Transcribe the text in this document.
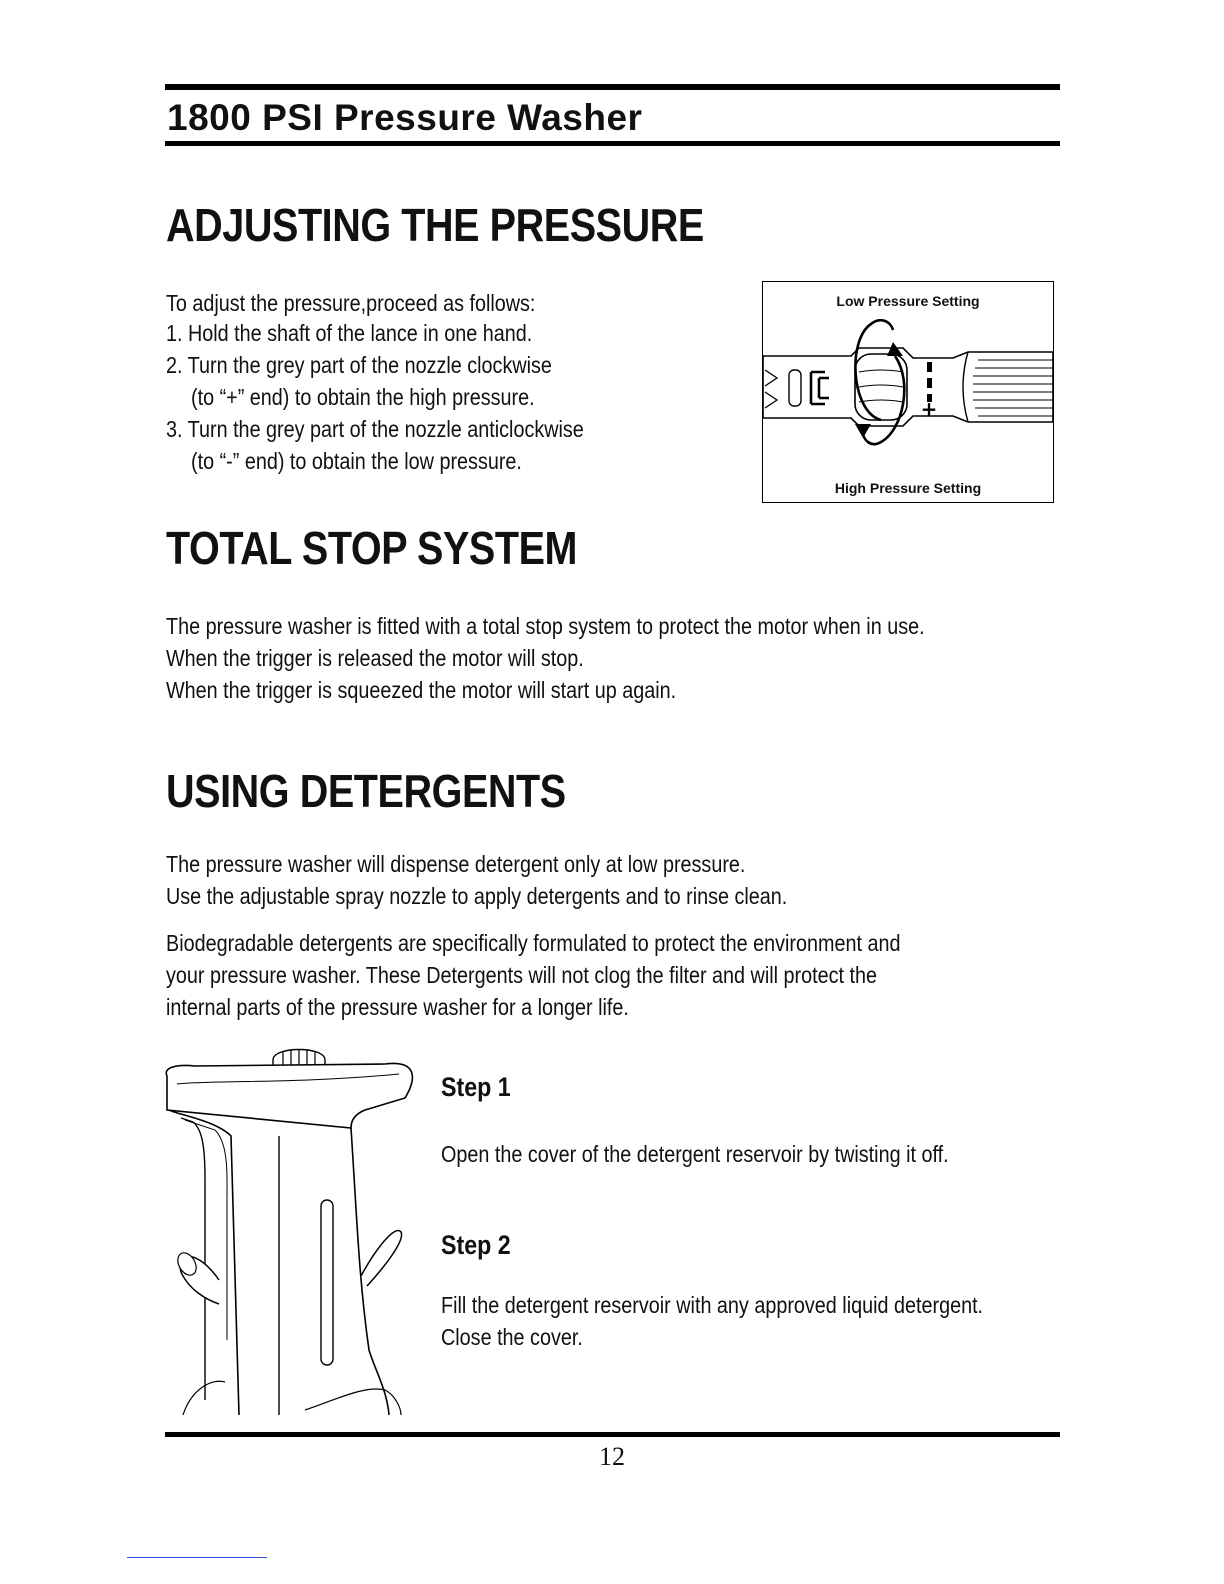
1800 PSI Pressure Washer
ADJUSTING THE PRESSURE

To adjust the pressure,proceed as follows:

1. Hold the shaft of the lance in one hand.

2. Turn the grey part of the nozzle clockwise

(to “+” end) to obtain the high pressure.

3. Turn the grey part of the nozzle anticlockwise

(to “-” end) to obtain the low pressure.

Low Pressure Setting
+
High Pressure Setting
TOTAL STOP SYSTEM

The pressure washer is fitted with a total stop system to protect the motor when in use.

When the trigger is released the motor will stop.

When the trigger is squeezed the motor will start up again.

USING DETERGENTS

The pressure washer will dispense detergent only at low pressure.

Use the adjustable spray nozzle to apply detergents and to rinse clean.

Biodegradable detergents are specifically formulated to protect the environment and

your pressure washer. These Detergents will not clog the filter and will protect the

internal parts of the pressure washer for a longer life.

Step 1

Open the cover of the detergent reservoir by twisting it off.

Step 2

Fill the detergent reservoir with any approved liquid detergent.

Close the cover.

12
